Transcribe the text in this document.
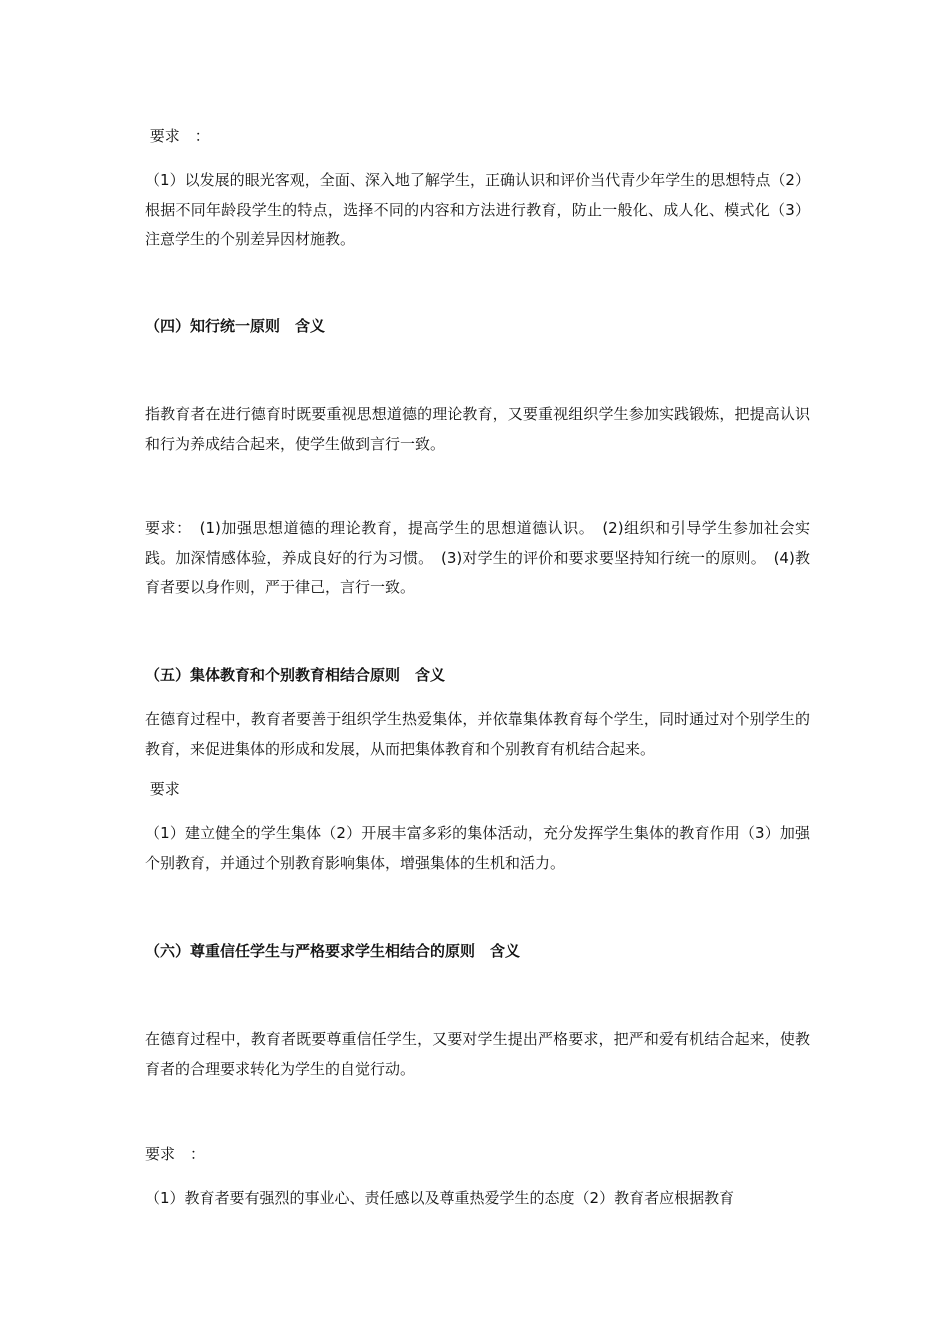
要求　：

（1）以发展的眼光客观，全面、深入地了解学生，正确认识和评价当代青少年学生的思想特点（2）根据不同年龄段学生的特点，选择不同的内容和方法进行教育，防止一般化、成人化、模式化（3）注意学生的个别差异因材施教。

（四）知行统一原则　含义

指教育者在进行德育时既要重视思想道德的理论教育，又要重视组织学生参加实践锻炼，把提高认识和行为养成结合起来，使学生做到言行一致。

要求：　(1)加强思想道德的理论教育，提高学生的思想道德认识。　(2)组织和引导学生参加社会实践。加深情感体验，养成良好的行为习惯。　(3)对学生的评价和要求要坚持知行统一的原则。　(4)教育者要以身作则，严于律己，言行一致。

（五）集体教育和个别教育相结合原则　含义

在德育过程中，教育者要善于组织学生热爱集体，并依靠集体教育每个学生，同时通过对个别学生的教育，来促进集体的形成和发展，从而把集体教育和个别教育有机结合起来。

要求

（1）建立健全的学生集体（2）开展丰富多彩的集体活动，充分发挥学生集体的教育作用（3）加强个别教育，并通过个别教育影响集体，增强集体的生机和活力。

（六）尊重信任学生与严格要求学生相结合的原则　含义

在德育过程中，教育者既要尊重信任学生，又要对学生提出严格要求，把严和爱有机结合起来，使教育者的合理要求转化为学生的自觉行动。

要求　：

（1）教育者要有强烈的事业心、责任感以及尊重热爱学生的态度（2）教育者应根据教育
